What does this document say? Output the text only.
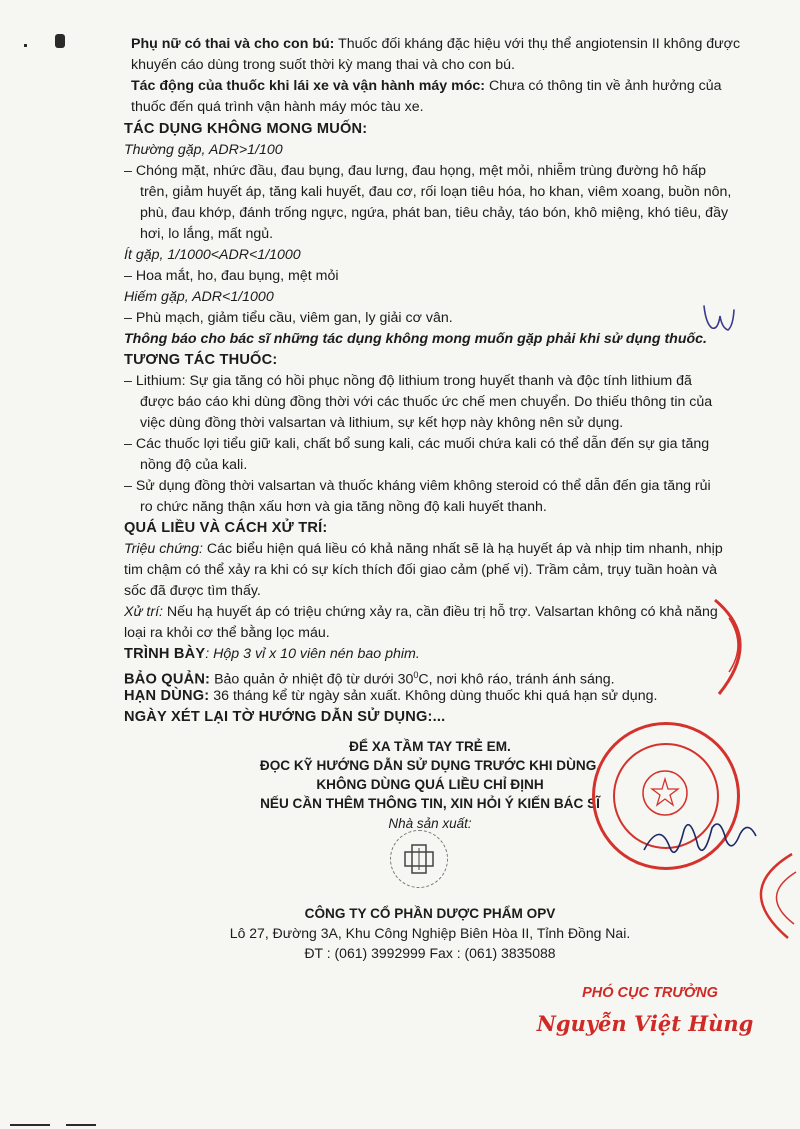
Phụ nữ có thai và cho con bú: Thuốc đối kháng đặc hiệu với thụ thể angiotensin II không được
khuyến cáo dùng trong suốt thời kỳ mang thai và cho con bú.
Tác động của thuốc khi lái xe và vận hành máy móc: Chưa có thông tin về ảnh hưởng của
thuốc đến quá trình vận hành máy móc tàu xe.
TÁC DỤNG KHÔNG MONG MUỐN:
Thường gặp, ADR>1/100
– Chóng mặt, nhức đầu, đau bụng, đau lưng, đau họng, mệt mỏi, nhiễm trùng đường hô hấp
trên, giảm huyết áp, tăng kali huyết, đau cơ, rối loạn tiêu hóa, ho khan, viêm xoang, buồn nôn,
phù, đau khớp, đánh trống ngực, ngứa, phát ban, tiêu chảy, táo bón, khô miệng, khó tiêu, đầy
hơi, lo lắng, mất ngủ.
Ít gặp, 1/1000<ADR<1/1000
– Hoa mắt, ho, đau bụng, mệt mỏi
Hiếm gặp, ADR<1/1000
– Phù mạch, giảm tiểu cầu, viêm gan, ly giải cơ vân.
Thông báo cho bác sĩ những tác dụng không mong muốn gặp phải khi sử dụng thuốc.
TƯƠNG TÁC THUỐC:
– Lithium: Sự gia tăng có hồi phục nồng độ lithium trong huyết thanh và độc tính lithium đã
được báo cáo khi dùng đồng thời với các thuốc ức chế men chuyển. Do thiếu thông tin của
việc dùng đồng thời valsartan và lithium, sự kết hợp này không nên sử dụng.
– Các thuốc lợi tiểu giữ kali, chất bổ sung kali, các muối chứa kali có thể dẫn đến sự gia tăng
nồng độ của kali.
– Sử dụng đồng thời valsartan và thuốc kháng viêm không steroid có thể dẫn đến gia tăng rủi
ro chức năng thận xấu hơn và gia tăng nồng độ kali huyết thanh.
QUÁ LIỀU VÀ CÁCH XỬ TRÍ:
Triệu chứng: Các biểu hiện quá liều có khả năng nhất sẽ là hạ huyết áp và nhịp tim nhanh, nhịp
tim chậm có thể xảy ra khi có sự kích thích đối giao cảm (phế vị). Trầm cảm, trụy tuần hoàn và
sốc đã được tìm thấy.
Xử trí: Nếu hạ huyết áp có triệu chứng xảy ra, cần điều trị hỗ trợ. Valsartan không có khả năng
loại ra khỏi cơ thể bằng lọc máu.
TRÌNH BÀY: Hộp 3 vỉ x 10 viên nén bao phim.
BẢO QUẢN: Bảo quản ở nhiệt độ từ dưới $30^0C$, nơi khô ráo, tránh ánh sáng.
HẠN DÙNG: 36 tháng kể từ ngày sản xuất. Không dùng thuốc khi quá hạn sử dụng.
NGÀY XÉT LẠI TỜ HƯỚNG DẪN SỬ DỤNG:...
ĐỂ XA TẦM TAY TRẺ EM.
ĐỌC KỸ HƯỚNG DẪN SỬ DỤNG TRƯỚC KHI DÙNG.
KHÔNG DÙNG QUÁ LIỀU CHỈ ĐỊNH
NẾU CẦN THÊM THÔNG TIN, XIN HỎI Ý KIẾN BÁC SĨ
Nhà sản xuất:
CÔNG TY CỔ PHẦN DƯỢC PHẨM OPV
Lô 27, Đường 3A, Khu Công Nghiệp Biên Hòa II, Tỉnh Đồng Nai.
ĐT : (061) 3992999 Fax : (061) 3835088
PHÓ CỤC TRƯỞNG
Nguyễn Việt Hùng
